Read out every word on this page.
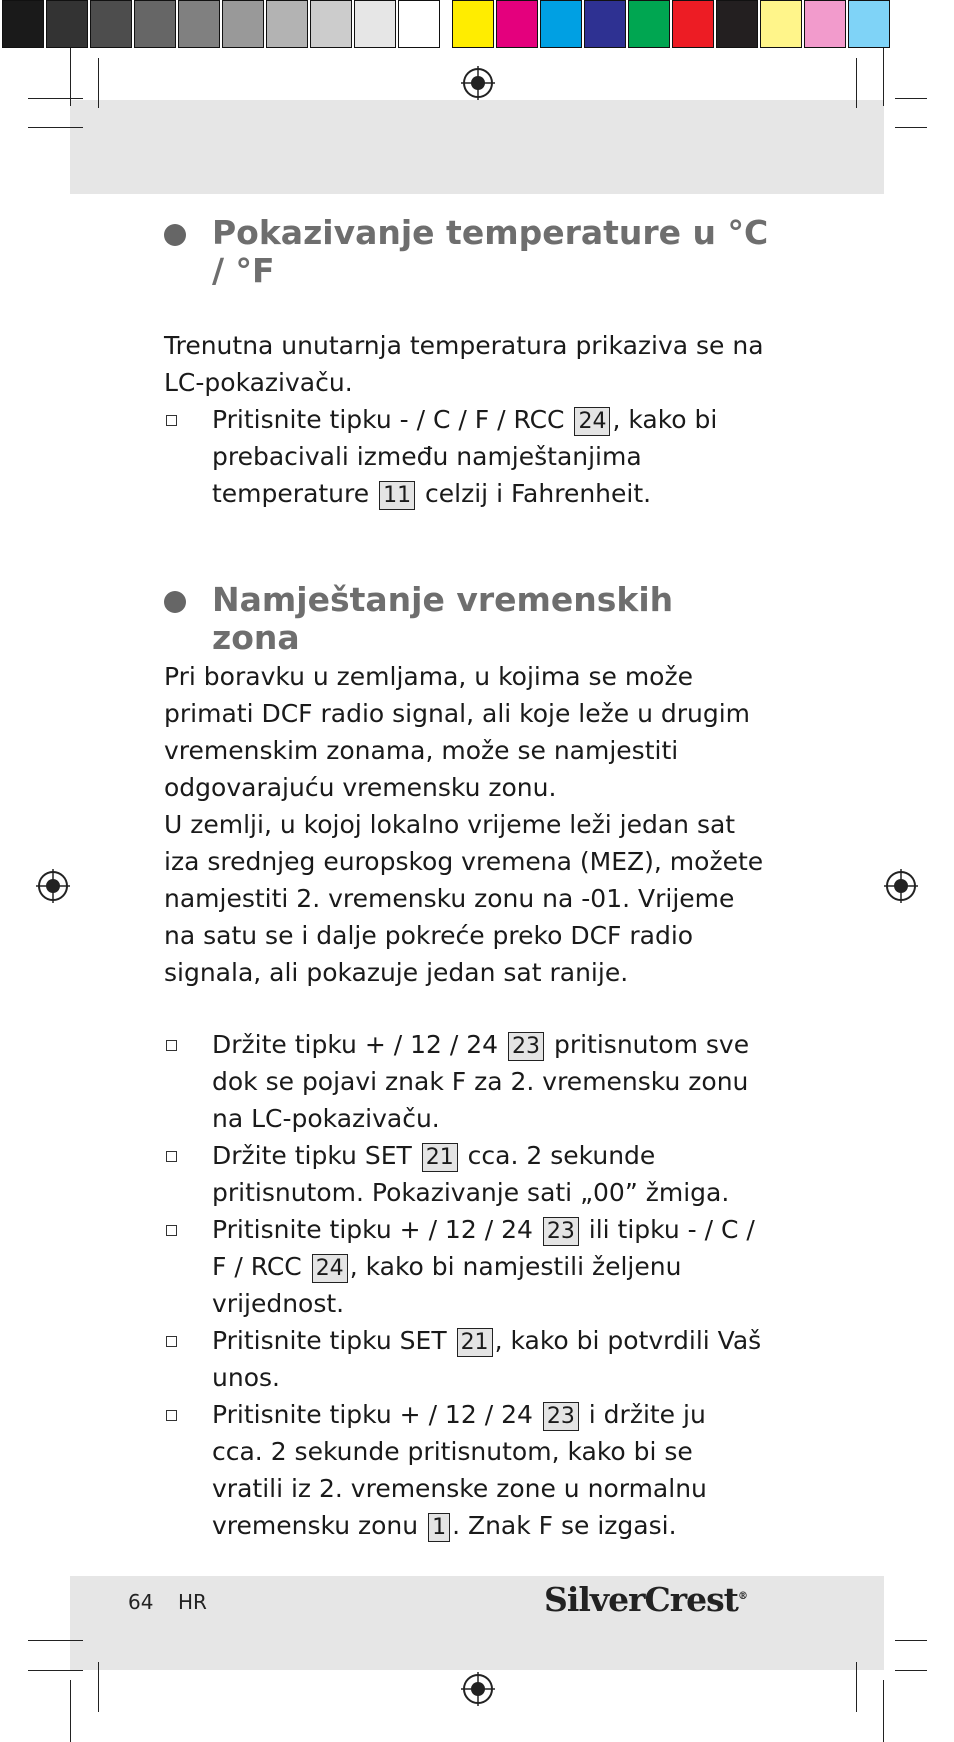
Pokazivanje temperature u °C / °F

Trenutna unutarnja temperatura prikaziva se na LC-pokazivaču.

Pritisnite tipku - / C / F / RCC 24 , kako bi prebacivali između namještanjima temperature 11 celzij i Fahrenheit.
Namještanje vremenskih zona

Pri boravku u zemljama, u kojima se može primati DCF radio signal, ali koje leže u drugim vremenskim zonama, može se namjestiti odgovarajuću vremensku zonu.

U zemlji, u kojoj lokalno vrijeme leži jedan sat iza srednjeg europskog vremena (MEZ), možete namjestiti 2. vremensku zonu na -01. Vrijeme na satu se i dalje pokreće preko DCF radio signala, ali pokazuje jedan sat ranije.

Držite tipku + / 12 / 24 23 pritisnutom sve dok se pojavi znak F za 2. vremensku zonu na LC-pokazivaču.
Držite tipku SET 21 cca. 2 sekunde pritisnutom. Pokazivanje sati „00” žmiga.
Pritisnite tipku + / 12 / 24 23 ili tipku - / C / F / RCC 24 , kako bi namjestili željenu vrijednost.
Pritisnite tipku SET 21 , kako bi potvrdili Vaš unos.
Pritisnite tipku + / 12 / 24 23 i držite ju cca. 2 sekunde pritisnutom, kako bi se vratili iz 2. vremenske zone u normalnu vremensku zonu 1 . Znak F se izgasi.
64 HR	SilverCrest®
